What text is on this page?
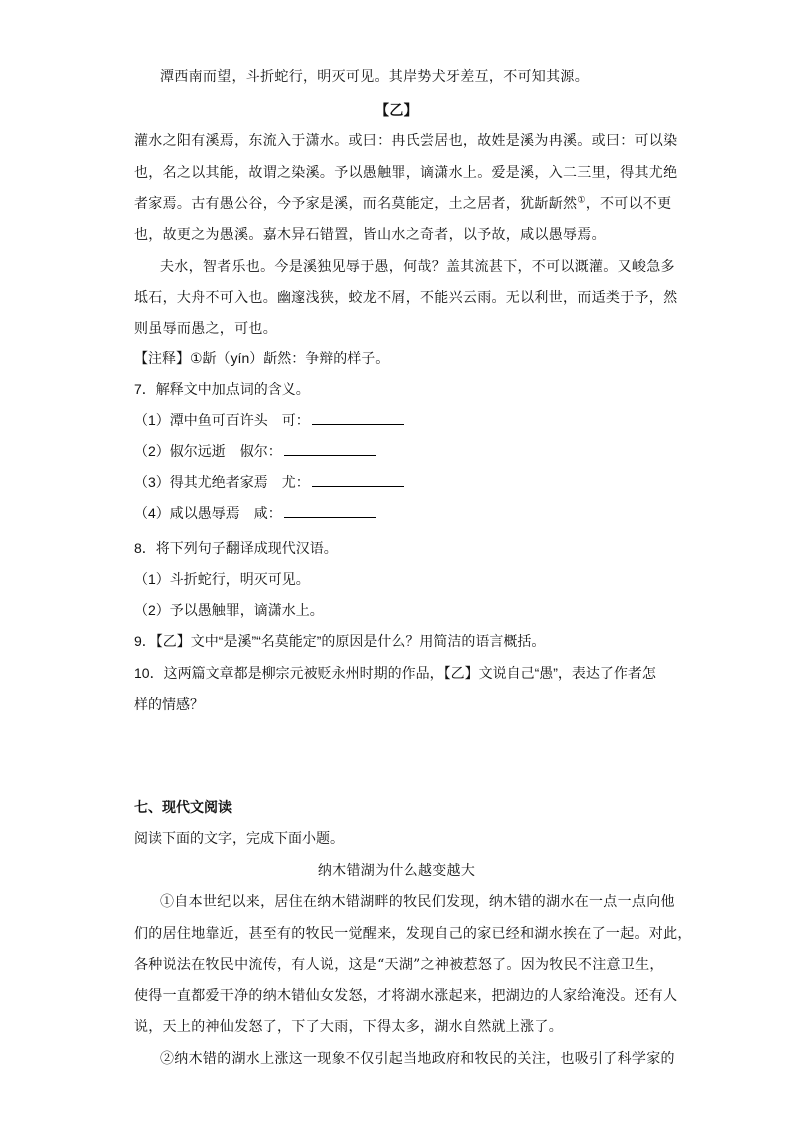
潭西南而望，斗折蛇行，明灭可见。其岸势犬牙差互，不可知其源。
【乙】
灌水之阳有溪焉，东流入于潇水。或曰：冉氏尝居也，故姓是溪为冉溪。或曰：可以染
也，名之以其能，故谓之染溪。予以愚触罪，谪潇水上。爱是溪，入二三里，得其尤绝
者家焉。古有愚公谷，今予家是溪，而名莫能定，土之居者，犹龂龂然①，不可以不更
也，故更之为愚溪。嘉木异石错置，皆山水之奇者，以予故，咸以愚辱焉。
夫水，智者乐也。今是溪独见辱于愚，何哉？盖其流甚下，不可以溉灌。又峻急多
坻石，大舟不可入也。幽邃浅狭，蛟龙不屑，不能兴云雨。无以利世，而适类于予，然
则虽辱而愚之，可也。
【注释】①龂（yín）龂然：争辩的样子。
7．解释文中加点词的含义。
（1）潭中鱼可百许头　可：
（2）俶尔远逝　俶尔：
（3）得其尤绝者家焉　尤：
（4）咸以愚辱焉　咸：
8．将下列句子翻译成现代汉语。
（1）斗折蛇行，明灭可见。
（2）予以愚触罪，谪潇水上。
9．【乙】文中“是溪”“名莫能定”的原因是什么？用简洁的语言概括。
10．这两篇文章都是柳宗元被贬永州时期的作品，【乙】文说自己“愚”，表达了作者怎
样的情感？
七、现代文阅读
阅读下面的文字，完成下面小题。
纳木错湖为什么越变越大
①自本世纪以来，居住在纳木错湖畔的牧民们发现，纳木错的湖水在一点一点向他
们的居住地靠近，甚至有的牧民一觉醒来，发现自己的家已经和湖水挨在了一起。对此，
各种说法在牧民中流传，有人说，这是“天湖”之神被惹怒了。因为牧民不注意卫生，
使得一直都爱干净的纳木错仙女发怒，才将湖水涨起来，把湖边的人家给淹没。还有人
说，天上的神仙发怒了，下了大雨，下得太多，湖水自然就上涨了。
②纳木错的湖水上涨这一现象不仅引起当地政府和牧民的关注，也吸引了科学家的
